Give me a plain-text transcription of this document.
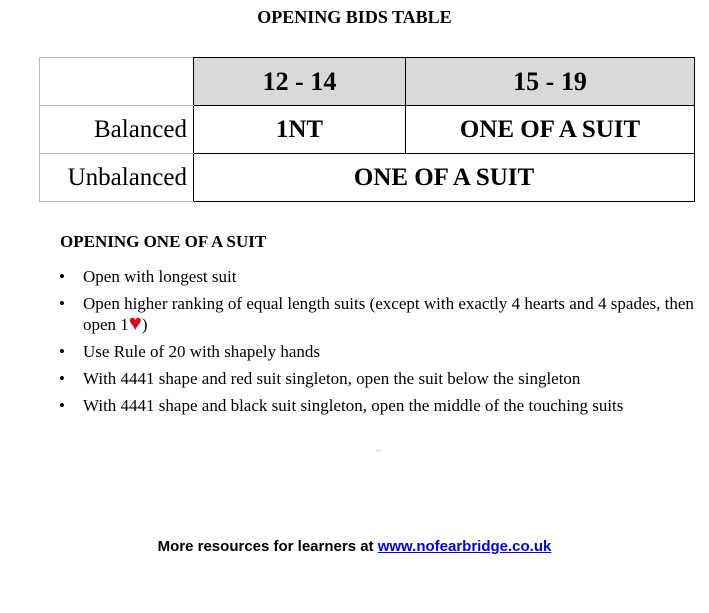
OPENING BIDS TABLE
	12 - 14	15 - 19
Balanced	1NT	ONE OF A SUIT
Unbalanced	ONE OF A SUIT	
OPENING ONE OF A SUIT
• Open with longest suit
• Open higher ranking of equal length suits (except with exactly 4 hearts and 4 spades, then open 1♥)
• Use Rule of 20 with shapely hands
• With 4441 shape and red suit singleton, open the suit below the singleton
• With 4441 shape and black suit singleton, open the middle of the touching suits
˚˚
More resources for learners at www.nofearbridge.co.uk
